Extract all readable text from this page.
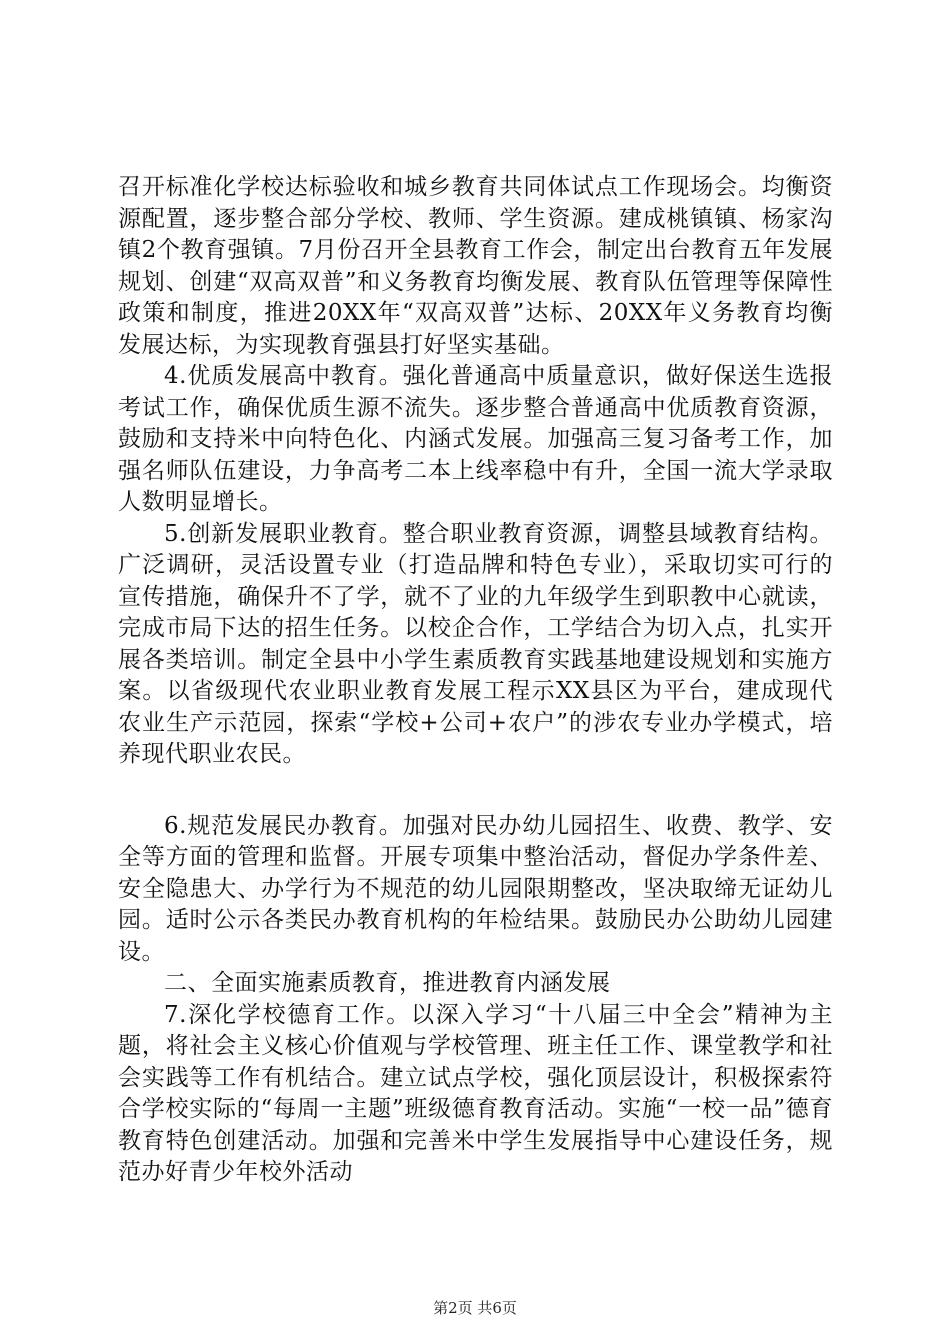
召开标准化学校达标验收和城乡教育共同体试点工作现场会。均衡资源配置，逐步整合部分学校、教师、学生资源。建成桃镇镇、杨家沟镇2个教育强镇。7月份召开全县教育工作会，制定出台教育五年发展规划、创建“双高双普”和义务教育均衡发展、教育队伍管理等保障性政策和制度，推进20XX年“双高双普”达标、20XX年义务教育均衡发展达标，为实现教育强县打好坚实基础。

4.优质发展高中教育。强化普通高中质量意识，做好保送生选报考试工作，确保优质生源不流失。逐步整合普通高中优质教育资源，鼓励和支持米中向特色化、内涵式发展。加强高三复习备考工作，加强名师队伍建设，力争高考二本上线率稳中有升，全国一流大学录取人数明显增长。

5.创新发展职业教育。整合职业教育资源，调整县域教育结构。广泛调研，灵活设置专业（打造品牌和特色专业），采取切实可行的宣传措施，确保升不了学，就不了业的九年级学生到职教中心就读，完成市局下达的招生任务。以校企合作，工学结合为切入点，扎实开展各类培训。制定全县中小学生素质教育实践基地建设规划和实施方案。以省级现代农业职业教育发展工程示XX县区为平台，建成现代农业生产示范园，探索“学校+公司+农户”的涉农专业办学模式，培养现代职业农民。

6.规范发展民办教育。加强对民办幼儿园招生、收费、教学、安全等方面的管理和监督。开展专项集中整治活动，督促办学条件差、安全隐患大、办学行为不规范的幼儿园限期整改，坚决取缔无证幼儿园。适时公示各类民办教育机构的年检结果。鼓励民办公助幼儿园建设。

二、全面实施素质教育，推进教育内涵发展

7.深化学校德育工作。以深入学习“十八届三中全会”精神为主题，将社会主义核心价值观与学校管理、班主任工作、课堂教学和社会实践等工作有机结合。建立试点学校，强化顶层设计，积极探索符合学校实际的“每周一主题”班级德育教育活动。实施“一校一品”德育教育特色创建活动。加强和完善米中学生发展指导中心建设任务，规范办好青少年校外活动

第2页 共6页
